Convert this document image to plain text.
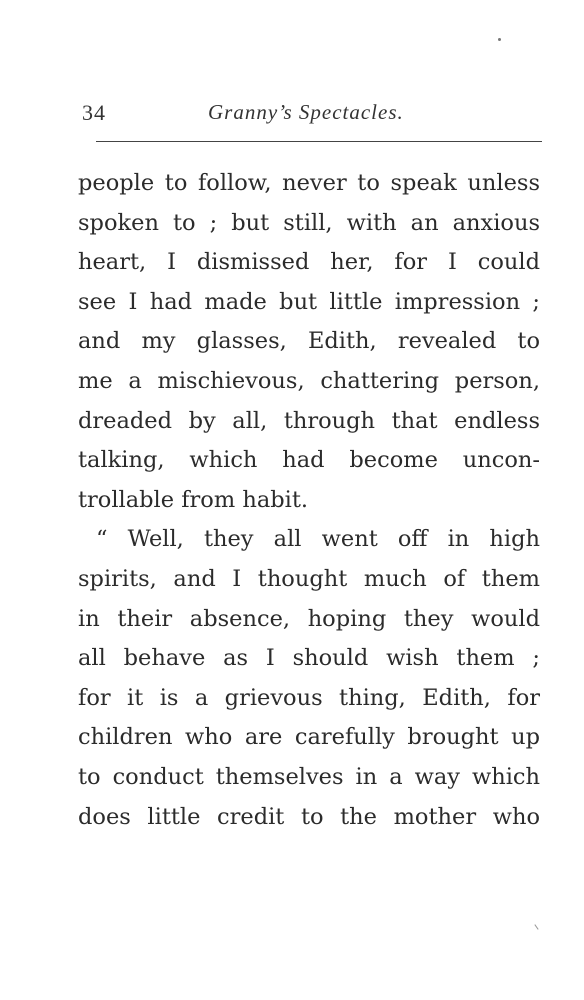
34	Granny’s Spectacles.
people to follow, never to speak unless
spoken to ; but still, with an anxious
heart, I dismissed her, for I could
see I had made but little impression ;
and my glasses, Edith, revealed to
me a mischievous, chattering person,
dreaded by all, through that endless
talking, which had become uncon-
trollable from habit.
“ Well, they all went off in high
spirits, and I thought much of them
in their absence, hoping they would
all behave as I should wish them ;
for it is a grievous thing, Edith, for
children who are carefully brought up
to conduct themselves in a way which
does little credit to the mother who
